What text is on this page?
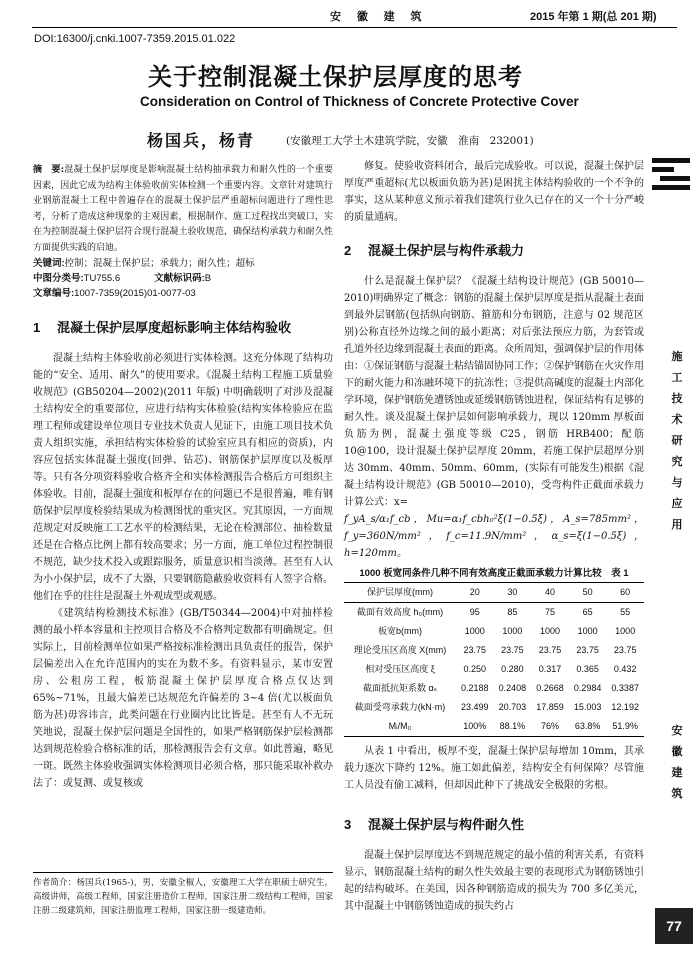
安 徽 建 筑	2015 年第 1 期(总 201 期)
DOI:16300/j.cnki.1007-7359.2015.01.022
关于控制混凝土保护层厚度的思考
Consideration on Control of Thickness of Concrete Protective Cover
杨国兵，杨青	(安徽理工大学土木建筑学院，安徽　淮南　232001)

摘　要:混凝土保护层厚度是影响混凝土结构抽承载力和耐久性的一个重要因素，因此它成为结构主体验收前实体检测一个重要内容。文章针对建筑行业钢筋混凝土工程中普遍存在的混凝土保护层严重超标问题进行了理性思考，分析了造成这种现象的主观因素，根据制作、施工过程找出突破口，实在为控制混凝土保护层符合现行混凝土验收规范，确保结构承载力和耐久性方面提供实践的启迪。

关键词:控制；混凝土保护层；承载力；耐久性；超标

中图分类号:TU755.6	文献标识码:B

文章编号:1007-7359(2015)01-0077-03

1 混凝土保护层厚度超标影响主体结构验收

混凝土结构主体验收前必须进行实体检测。这充分体现了结构功能的“安全、适用、耐久”的使用要求。《混凝土结构工程施工质量验收规范》(GB50204—2002)(2011 年版) 中明确载明了对涉及混凝土结构安全的重要部位，应进行结构实体检验(结构实体检验应在监理工程师或建设单位项目专业技术负责人见证下，由施工项目技术负责人组织实施，承担结构实体检验的试验室应具有相应的资质)，内容应包括实体混凝土强度(回弹、钻芯)、钢筋保护层厚度以及板厚等。只有各分项资料验收合格齐全和实体检测报告合格后方可组织主体验收。目前，混凝土强度和板厚存在的问题已不是很普遍，唯有钢筋保护层厚度检验结果成为检测图忧的重灾区。究其原因，一方面规范规定对反映施工工艺水平的检测结果，无论在检测部位、抽检数量还是在合格点比例上都有较高要求；另一方面，施工单位过程控制很不规范，缺少技术投入或跟踪服务，质量意识相当淡薄。甚至有人认为小小保护层，成不了大器，只要钢筋隐蔽验收资料有人签字合格。他们在乎的往往是混凝土外观成型或观感。

《建筑结构检测技术标准》(GB/T50344—2004)中对抽样检测的最小样本容量和主控项目合格及不合格判定数都有明确规定。但实际上，目前检测单位如果严格按标准检测出具负责任的报告，保护层偏差出入在允许范围内的实在为数不多。有资料显示，某市安置房、公租房工程，板筋混凝土保护层厚度合格点仅达到 65%~71%，且最大偏差已达规范允许偏差的 3~4 倍(尤以板面负筋为甚)毋容讳言，此类问题在行业圈内比比皆是。甚至有人不无玩笑地说，混凝土保护层问题是全国性的，如果严格钢筋保护层检测都达到规范检验合格标准的话，那检测报告会有文章。如此普遍，略见一斑。既然主体验收强调实体检测项目必须合格，那只能采取补救办法了：或复测、或复核或

作者简介：杨国兵(1965-)，男，安徽全椒人，安徽理工大学在职硕士研究生，高级讲师，高级工程师，国家注册造价工程师，国家注册二级结构工程师，国家注册二级建筑师，国家注册监理工程师，国家注册一级建造师。

修复。使验收资料闭合，最后完成验收。可以说，混凝土保护层厚度严重超标(尤以板面负筋为甚)是困扰主体结构验收的一个不争的事实，这从某种意义预示着我们建筑行业久已存在的又一个十分严峻的质量通病。

2 混凝土保护层与构件承载力

什么是混凝土保护层？《混凝土结构设计规范》(GB 50010—2010)明确界定了概念：钢筋的混凝土保护层厚度是指从混凝土表面到最外层钢筋(包括纵向钢筋、箍筋和分布钢筋，注意与 02 规范区别)公称直径外边缘之间的最小距离；对后张法预应力筋，为套管或孔道外径边缘到混凝土表面的距离。众所周知，强调保护层的作用体由：①保证钢筋与混凝土粘结锚固协同工作；②保护钢筋在火灾作用下的耐火能力和冻融环境下的抗冻性；③提供高碱度的混凝土内部化学环境，保护钢筋免遭锈蚀或延缓钢筋锈蚀进程，保证结构有足够的耐久性。谈及混凝土保护层如何影响承载力，现以 120mm 厚板面负筋为例，混凝土强度等级 C25，钢筋 HRB400；配筋 10@100，设计混凝土保护层厚度 20mm，若施工保护层超厚分别达 30mm、40mm、50mm、60mm，(实际有可能发生)根据《混凝土结构设计规范》(GB 50010—2010)，受弯构件正截面承载力计算公式：x=

f_yA_s/α₁f_cb，Mu=α₁f_cbh₀²ξ(1−0.5ξ)，A_s=785mm²，f_y=360N/mm²，f_c=11.9N/mm²，α_s=ξ(1−0.5ξ)，h=120mm。

1000 板宽同条件几种不同有效高度正截面承载力计算比较　表 1

保护层厚度(mm)	20	30	40	50	60
截面有效高度 h₀(mm)	95	85	75	65	55
板宽b(mm)	1000	1000	1000	1000	1000
理论受压区高度 X(mm)	23.75	23.75	23.75	23.75	23.75
相对受压区高度 ξ	0.250	0.280	0.317	0.365	0.432
截面抵抗矩系数 αₛ	0.2188	0.2408	0.2668	0.2984	0.3387
截面受弯承载力(kN·m)	23.499	20.703	17.859	15.003	12.192
Mᵢ/M₀	100%	88.1%	76%	63.8%	51.9%

从表 1 中看出，板厚不变，混凝土保护层每增加 10mm，其承载力逐次下降约 12%。施工如此偏差，结构安全有何保障？尽管施工人员没有偷工减料，但却因此种下了挑战安全极限的劣根。

3 混凝土保护层与构件耐久性

混凝土保护层厚度达不到规范规定的最小值的利害关系，有资料显示，钢筋混凝土结构的耐久性失效最主要的表现形式为钢筋锈蚀引起的结构破坏。在美国，因各种钢筋造成的损失为 700 多亿美元，其中混凝土中钢筋锈蚀造成的损失约占

施工技术研究与应用
安徽建筑
77
